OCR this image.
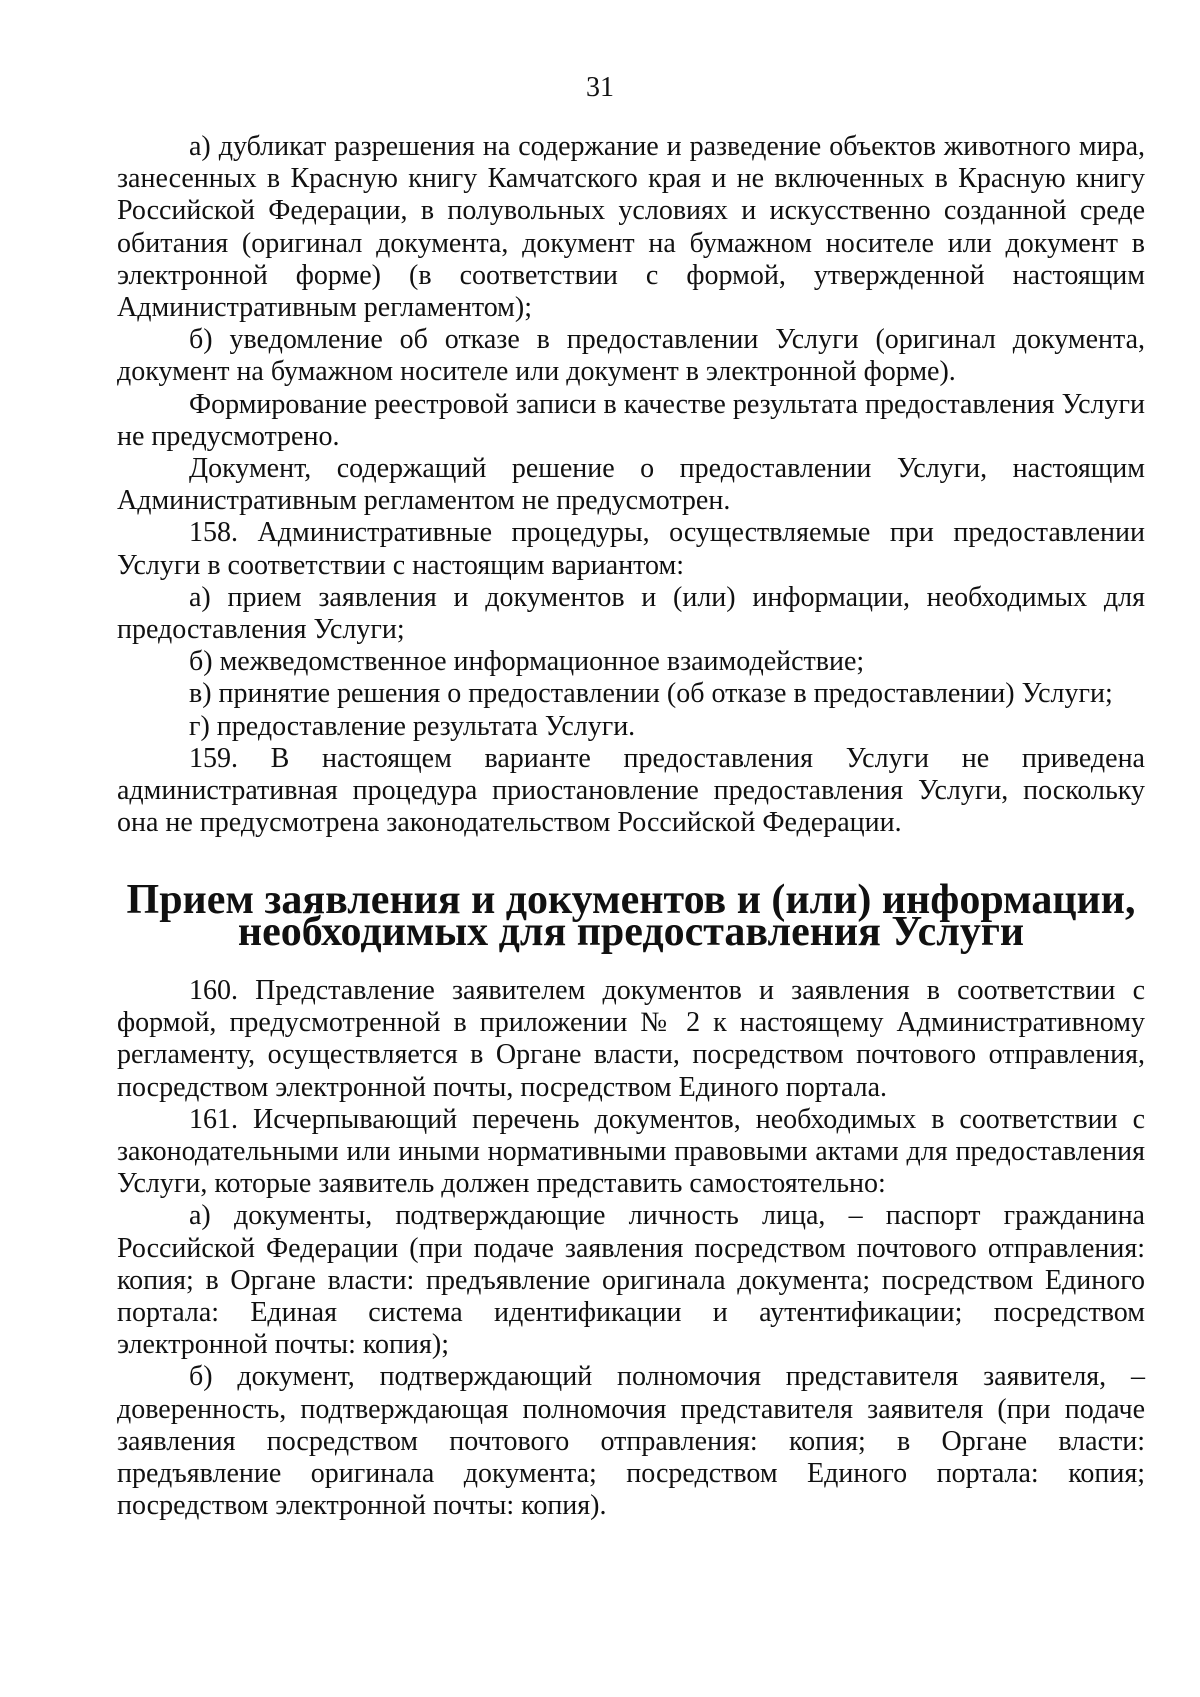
31

а) дубликат разрешения на содержание и разведение объектов животного мира, занесенных в Красную книгу Камчатского края и не включенных в Красную книгу Российской Федерации, в полувольных условиях и искусственно созданной среде обитания (оригинал документа, документ на бумажном носителе или документ в электронной форме) (в соответствии с формой, утвержденной настоящим Административным регламентом);

б) уведомление об отказе в предоставлении Услуги (оригинал документа, документ на бумажном носителе или документ в электронной форме).

Формирование реестровой записи в качестве результата предоставления Услуги не предусмотрено.

Документ, содержащий решение о предоставлении Услуги, настоящим Административным регламентом не предусмотрен.

158. Административные процедуры, осуществляемые при предоставлении Услуги в соответствии с настоящим вариантом:

а) прием заявления и документов и (или) информации, необходимых для предоставления Услуги;

б) межведомственное информационное взаимодействие;

в) принятие решения о предоставлении (об отказе в предоставлении) Услуги;

г) предоставление результата Услуги.

159. В настоящем варианте предоставления Услуги не приведена административная процедура приостановление предоставления Услуги, поскольку она не предусмотрена законодательством Российской Федерации.

Прием заявления и документов и (или) информации, необходимых для предоставления Услуги

160. Представление заявителем документов и заявления в соответствии с формой, предусмотренной в приложении № 2 к настоящему Административному регламенту, осуществляется в Органе власти, посредством почтового отправления, посредством электронной почты, посредством Единого портала.

161. Исчерпывающий перечень документов, необходимых в соответствии с законодательными или иными нормативными правовыми актами для предоставления Услуги, которые заявитель должен представить самостоятельно:

а) документы, подтверждающие личность лица, – паспорт гражданина Российской Федерации (при подаче заявления посредством почтового отправления: копия; в Органе власти: предъявление оригинала документа; посредством Единого портала: Единая система идентификации и аутентификации; посредством электронной почты: копия);

б) документ, подтверждающий полномочия представителя заявителя, – доверенность, подтверждающая полномочия представителя заявителя (при подаче заявления посредством почтового отправления: копия; в Органе власти: предъявление оригинала документа; посредством Единого портала: копия; посредством электронной почты: копия).
